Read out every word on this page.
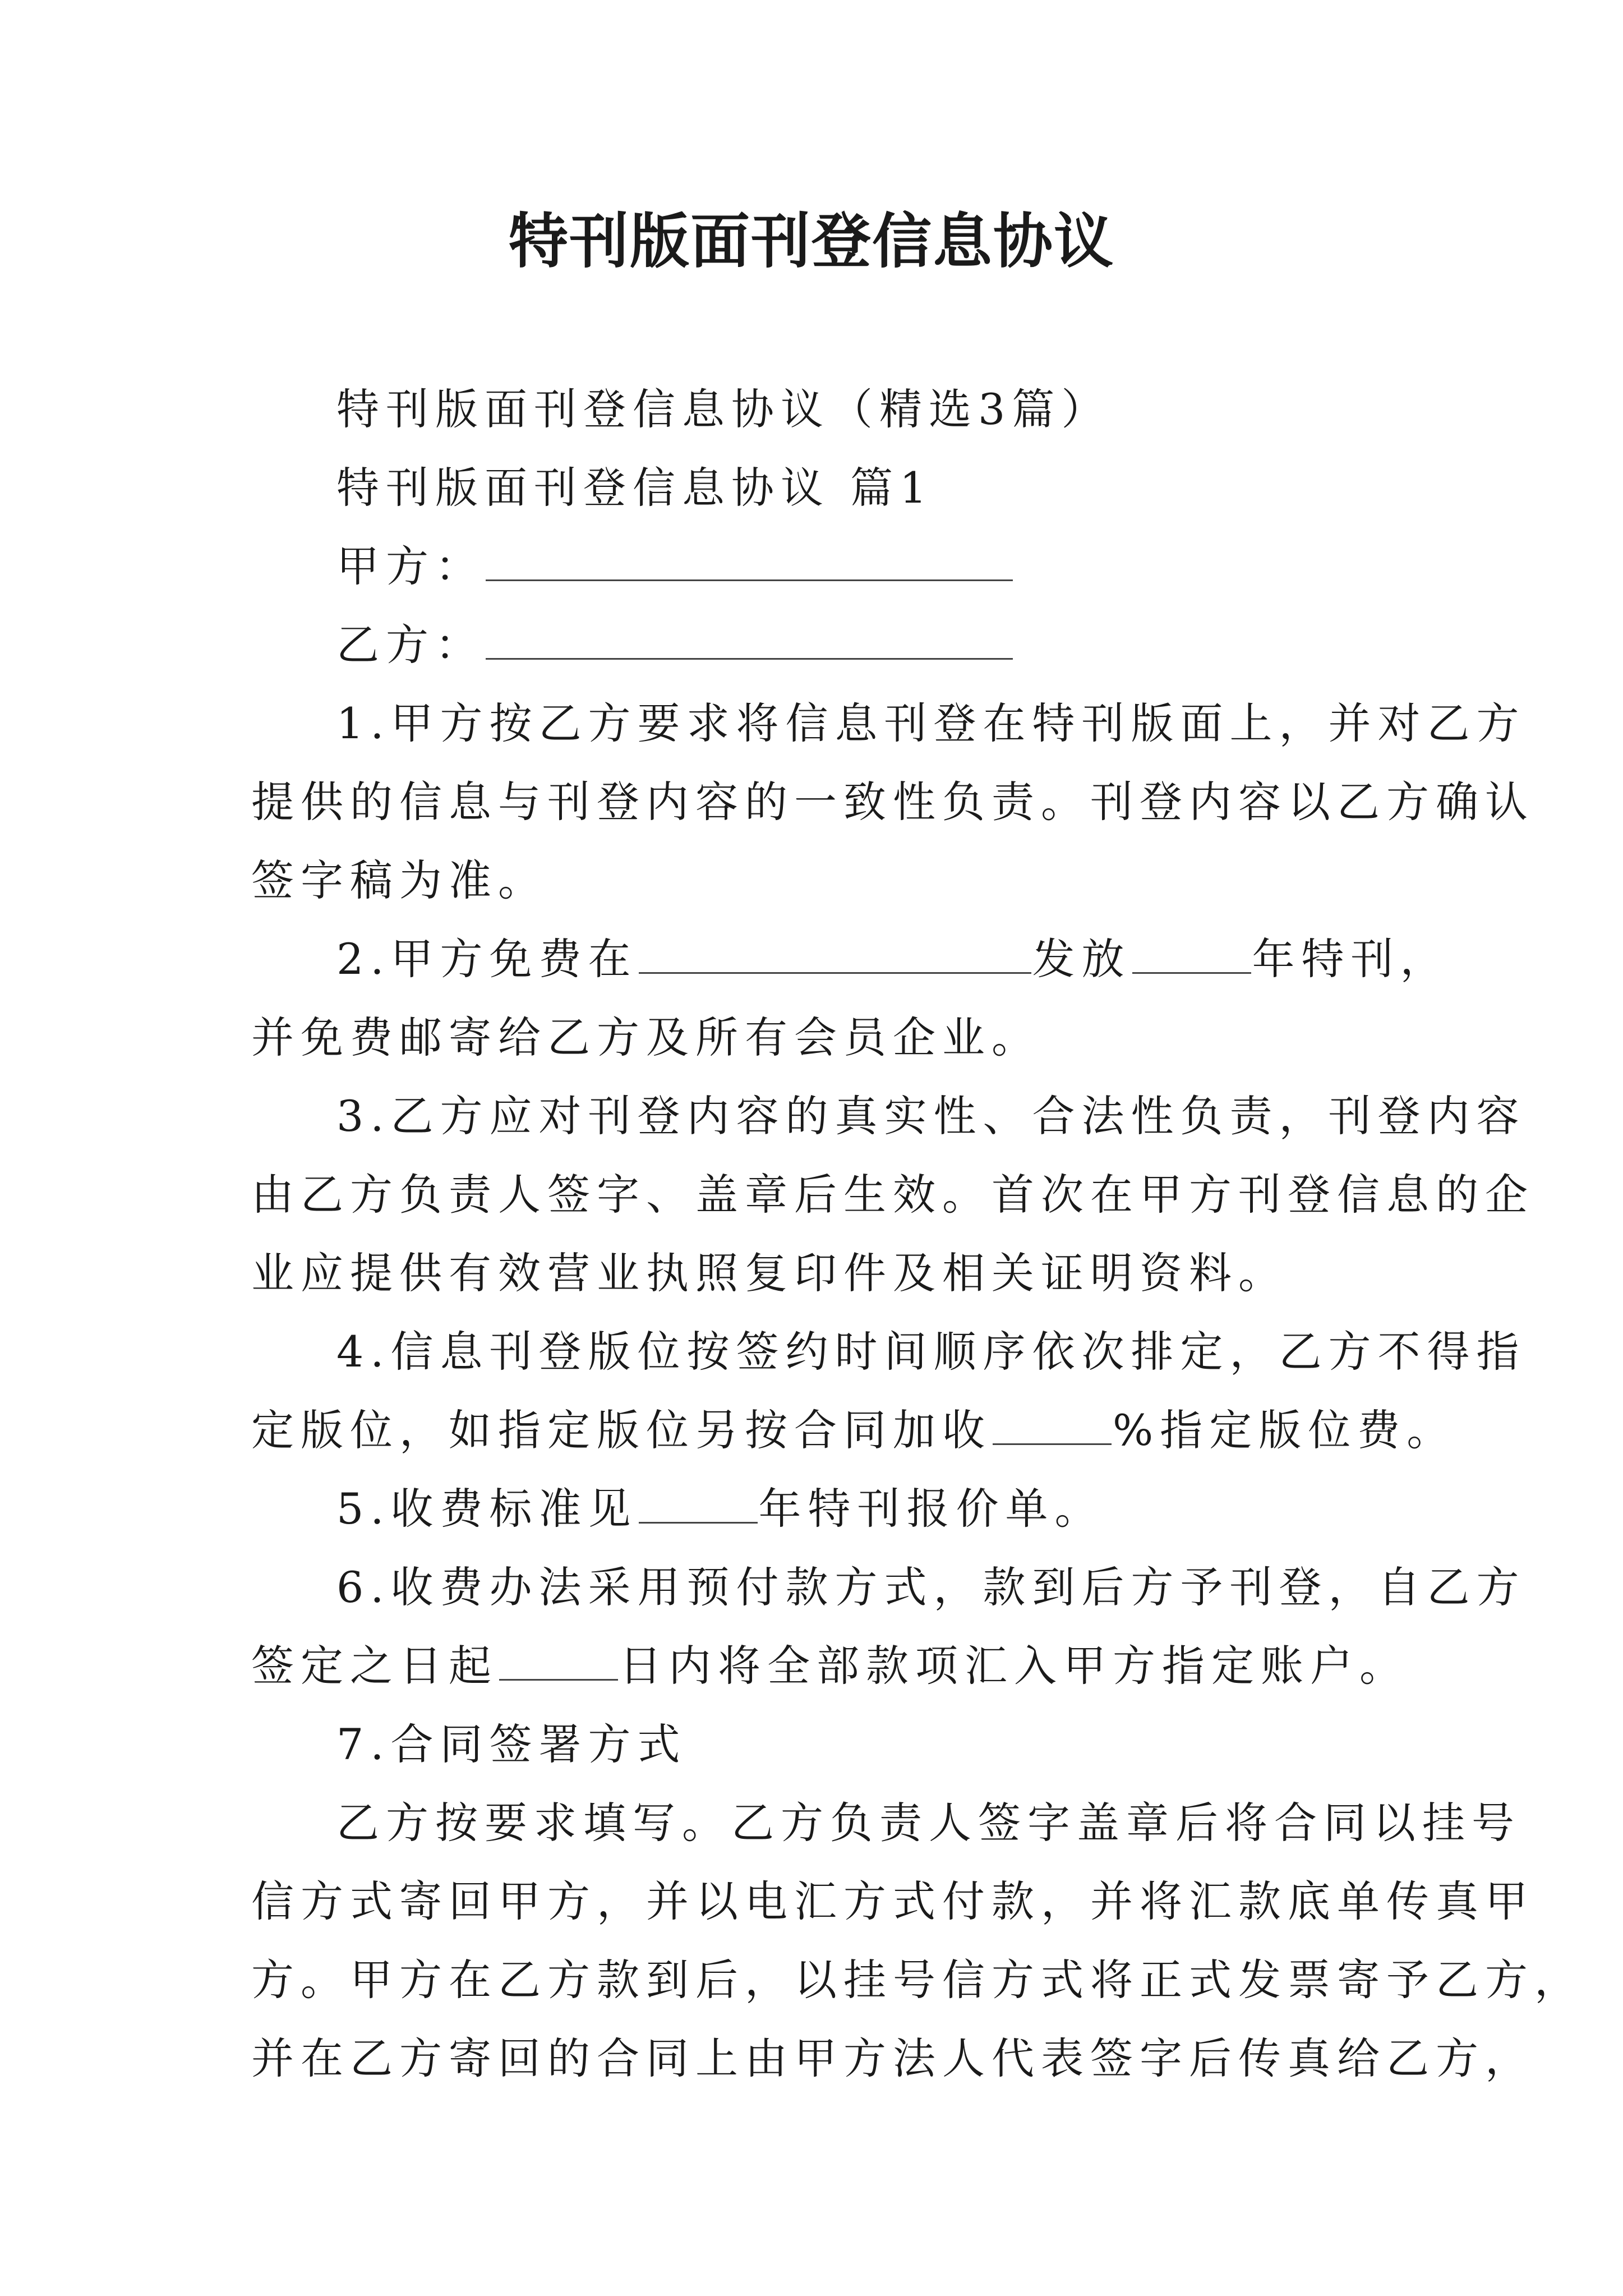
特刊版面刊登信息协议
特刊版面刊登信息协议（精选3篇）
特刊版面刊登信息协议 篇1
甲方：
乙方：
1.甲方按乙方要求将信息刊登在特刊版面上，并对乙方
提供的信息与刊登内容的一致性负责。刊登内容以乙方确认
签字稿为准。
2.甲方免费在	发放	年特刊，
并免费邮寄给乙方及所有会员企业。
3.乙方应对刊登内容的真实性、合法性负责，刊登内容
由乙方负责人签字、盖章后生效。首次在甲方刊登信息的企
业应提供有效营业执照复印件及相关证明资料。
4.信息刊登版位按签约时间顺序依次排定，乙方不得指
定版位，如指定版位另按合同加收	%指定版位费。
5.收费标准见	年特刊报价单。
6.收费办法采用预付款方式，款到后方予刊登，自乙方
签定之日起	日内将全部款项汇入甲方指定账户。
7.合同签署方式
乙方按要求填写。乙方负责人签字盖章后将合同以挂号
信方式寄回甲方，并以电汇方式付款，并将汇款底单传真甲
方。甲方在乙方款到后，以挂号信方式将正式发票寄予乙方，
并在乙方寄回的合同上由甲方法人代表签字后传真给乙方，
